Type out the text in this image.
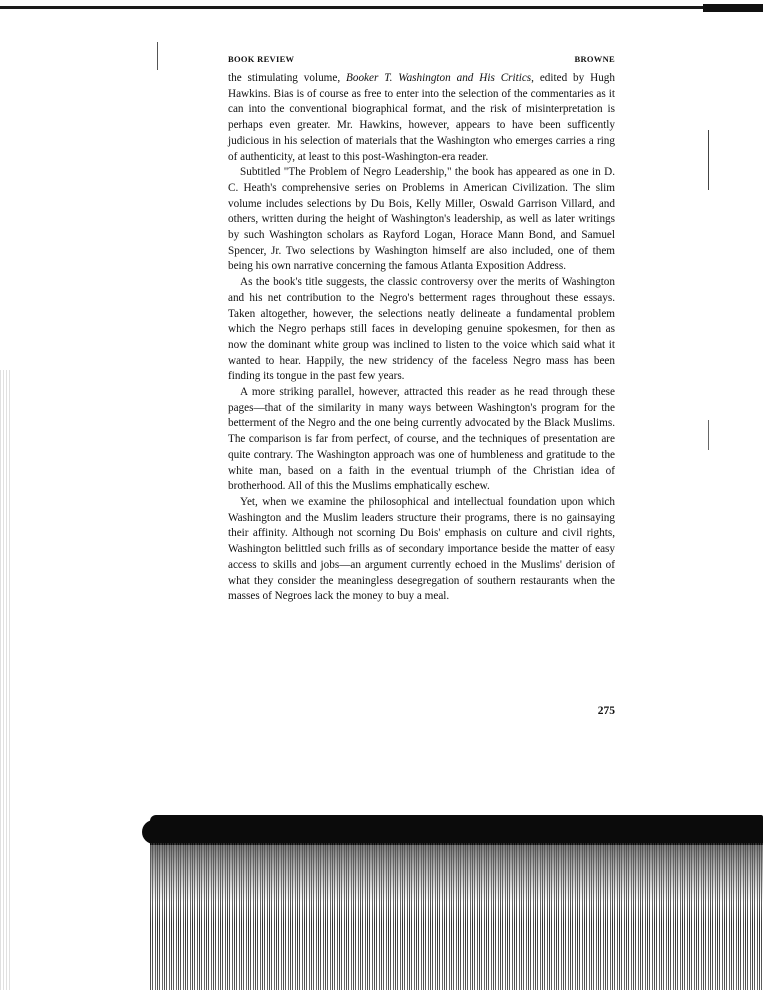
BOOK REVIEW	BROWNE

the stimulating volume, Booker T. Washington and His Critics, edited by Hugh Hawkins. Bias is of course as free to enter into the selection of the commentaries as it can into the conventional biographical format, and the risk of misinterpretation is perhaps even greater. Mr. Hawkins, however, appears to have been sufficently judicious in his selection of materials that the Washington who emerges carries a ring of authenticity, at least to this post-Washington-era reader.

Subtitled "The Problem of Negro Leadership," the book has appeared as one in D. C. Heath's comprehensive series on Problems in American Civilization. The slim volume includes selections by Du Bois, Kelly Miller, Oswald Garrison Villard, and others, written during the height of Washington's leadership, as well as later writings by such Washington scholars as Rayford Logan, Horace Mann Bond, and Samuel Spencer, Jr. Two selections by Washington himself are also included, one of them being his own narrative concerning the famous Atlanta Exposition Address.

As the book's title suggests, the classic controversy over the merits of Washington and his net contribution to the Negro's betterment rages throughout these essays. Taken altogether, however, the selections neatly delineate a fundamental problem which the Negro perhaps still faces in developing genuine spokesmen, for then as now the dominant white group was inclined to listen to the voice which said what it wanted to hear. Happily, the new stridency of the faceless Negro mass has been finding its tongue in the past few years.

A more striking parallel, however, attracted this reader as he read through these pages—that of the similarity in many ways between Washington's program for the betterment of the Negro and the one being currently advocated by the Black Muslims. The comparison is far from perfect, of course, and the techniques of presentation are quite contrary. The Washington approach was one of humbleness and gratitude to the white man, based on a faith in the eventual triumph of the Christian idea of brotherhood. All of this the Muslims emphatically eschew.

Yet, when we examine the philosophical and intellectual foundation upon which Washington and the Muslim leaders structure their programs, there is no gainsaying their affinity. Although not scorning Du Bois' emphasis on culture and civil rights, Washington belittled such frills as of secondary importance beside the matter of easy access to skills and jobs—an argument currently echoed in the Muslims' derision of what they consider the meaningless desegregation of southern restaurants when the masses of Negroes lack the money to buy a meal.

275
